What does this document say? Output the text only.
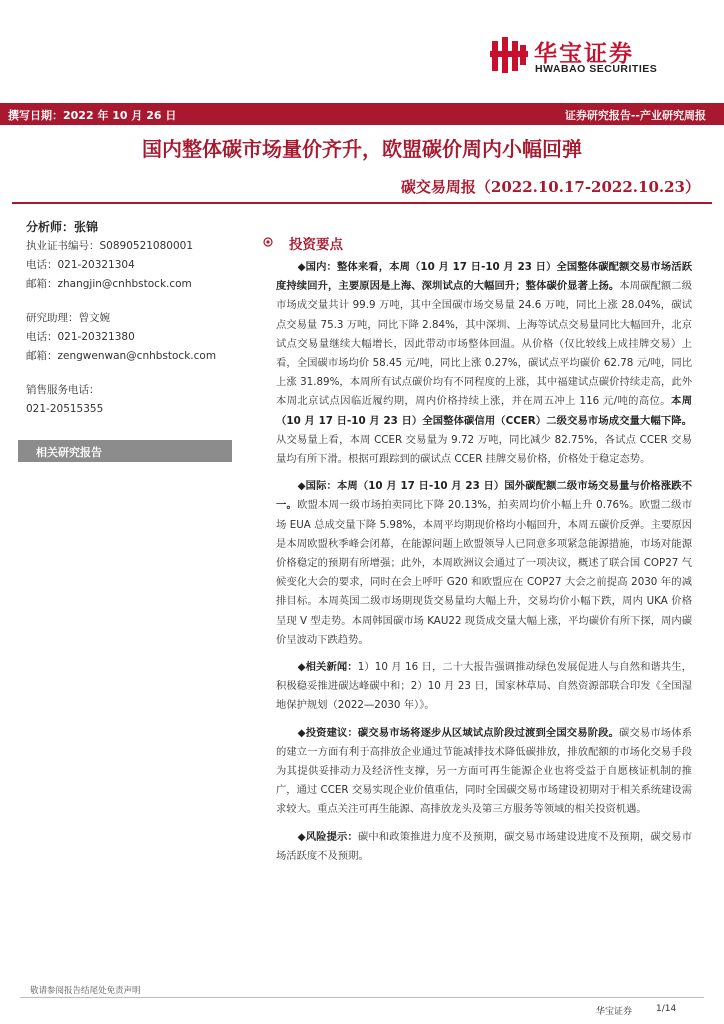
华宝证券
HWABAO SECURITIES
撰写日期：2022 年 10 月 26 日	证券研究报告--产业研究周报
国内整体碳市场量价齐升，欧盟碳价周内小幅回弹
碳交易周报（2022.10.17-2022.10.23）
分析师：张锦
执业证书编号：S0890521080001
电话：021-20321304
邮箱：zhangjin@cnhbstock.com
研究助理：曾文婉
电话：021-20321380
邮箱：zengwenwan@cnhbstock.com
销售服务电话：
021-20515355
相关研究报告
投资要点

◆国内：整体来看，本周（10 月 17 日-10 月 23 日）全国整体碳配额交易市场活跃度持续回升，主要原因是上海、深圳试点的大幅回升；整体碳价显著上扬。本周碳配额二级市场成交量共计 99.9 万吨，其中全国碳市场交易量 24.6 万吨，同比上涨 28.04%，碳试点交易量 75.3 万吨，同比下降 2.84%，其中深圳、上海等试点交易量同比大幅回升，北京试点交易量继续大幅增长，因此带动市场整体回温。从价格（仅比较线上成挂牌交易）上看，全国碳市场均价 58.45 元/吨，同比上涨 0.27%，碳试点平均碳价 62.78 元/吨，同比上涨 31.89%，本周所有试点碳价均有不同程度的上涨，其中福建试点碳价持续走高，此外本周北京试点因临近履约期，周内价格持续上涨，并在周五冲上 116 元/吨的高位。本周（10 月 17 日-10 月 23 日）全国整体碳信用（CCER）二级交易市场成交量大幅下降。从交易量上看，本周 CCER 交易量为 9.72 万吨，同比减少 82.75%，各试点 CCER 交易量均有所下滑。根据可跟踪到的碳试点 CCER 挂牌交易价格，价格处于稳定态势。

◆国际：本周（10 月 17 日-10 月 23 日）国外碳配额二级市场交易量与价格涨跌不一。欧盟本周一级市场拍卖同比下降 20.13%，拍卖周均价小幅上升 0.76%。欧盟二级市场 EUA 总成交量下降 5.98%，本周平均期现价格均小幅回升，本周五碳价反弹。主要原因是本周欧盟秋季峰会闭幕，在能源问题上欧盟领导人已同意多项紧急能源措施，市场对能源价格稳定的预期有所增强；此外，本周欧洲议会通过了一项决议，概述了联合国 COP27 气候变化大会的要求，同时在会上呼吁 G20 和欧盟应在 COP27 大会之前提高 2030 年的减排目标。本周英国二级市场期现货交易量均大幅上升，交易均价小幅下跌，周内 UKA 价格呈现 V 型走势。本周韩国碳市场 KAU22 现货成交量大幅上涨，平均碳价有所下探，周内碳价呈波动下跌趋势。

◆相关新闻：1）10 月 16 日，二十大报告强调推动绿色发展促进人与自然和谐共生，积极稳妥推进碳达峰碳中和；2）10 月 23 日，国家林草局、自然资源部联合印发《全国湿地保护规划（2022—2030 年）》。

◆投资建议：碳交易市场将逐步从区域试点阶段过渡到全国交易阶段。碳交易市场体系的建立一方面有利于高排放企业通过节能减排技术降低碳排放，排放配额的市场化交易手段为其提供妥排动力及经济性支撑，另一方面可再生能源企业也将受益于自愿核证机制的推广，通过 CCER 交易实现企业价值重估，同时全国碳交易市场建设初期对于相关系统建设需求较大。重点关注可再生能源、高排放龙头及第三方服务等领域的相关投资机遇。

◆风险提示：碳中和政策推进力度不及预期，碳交易市场建设进度不及预期，碳交易市场活跃度不及预期。

敬请参阅报告结尾处免责声明
华宝证券	1/14
